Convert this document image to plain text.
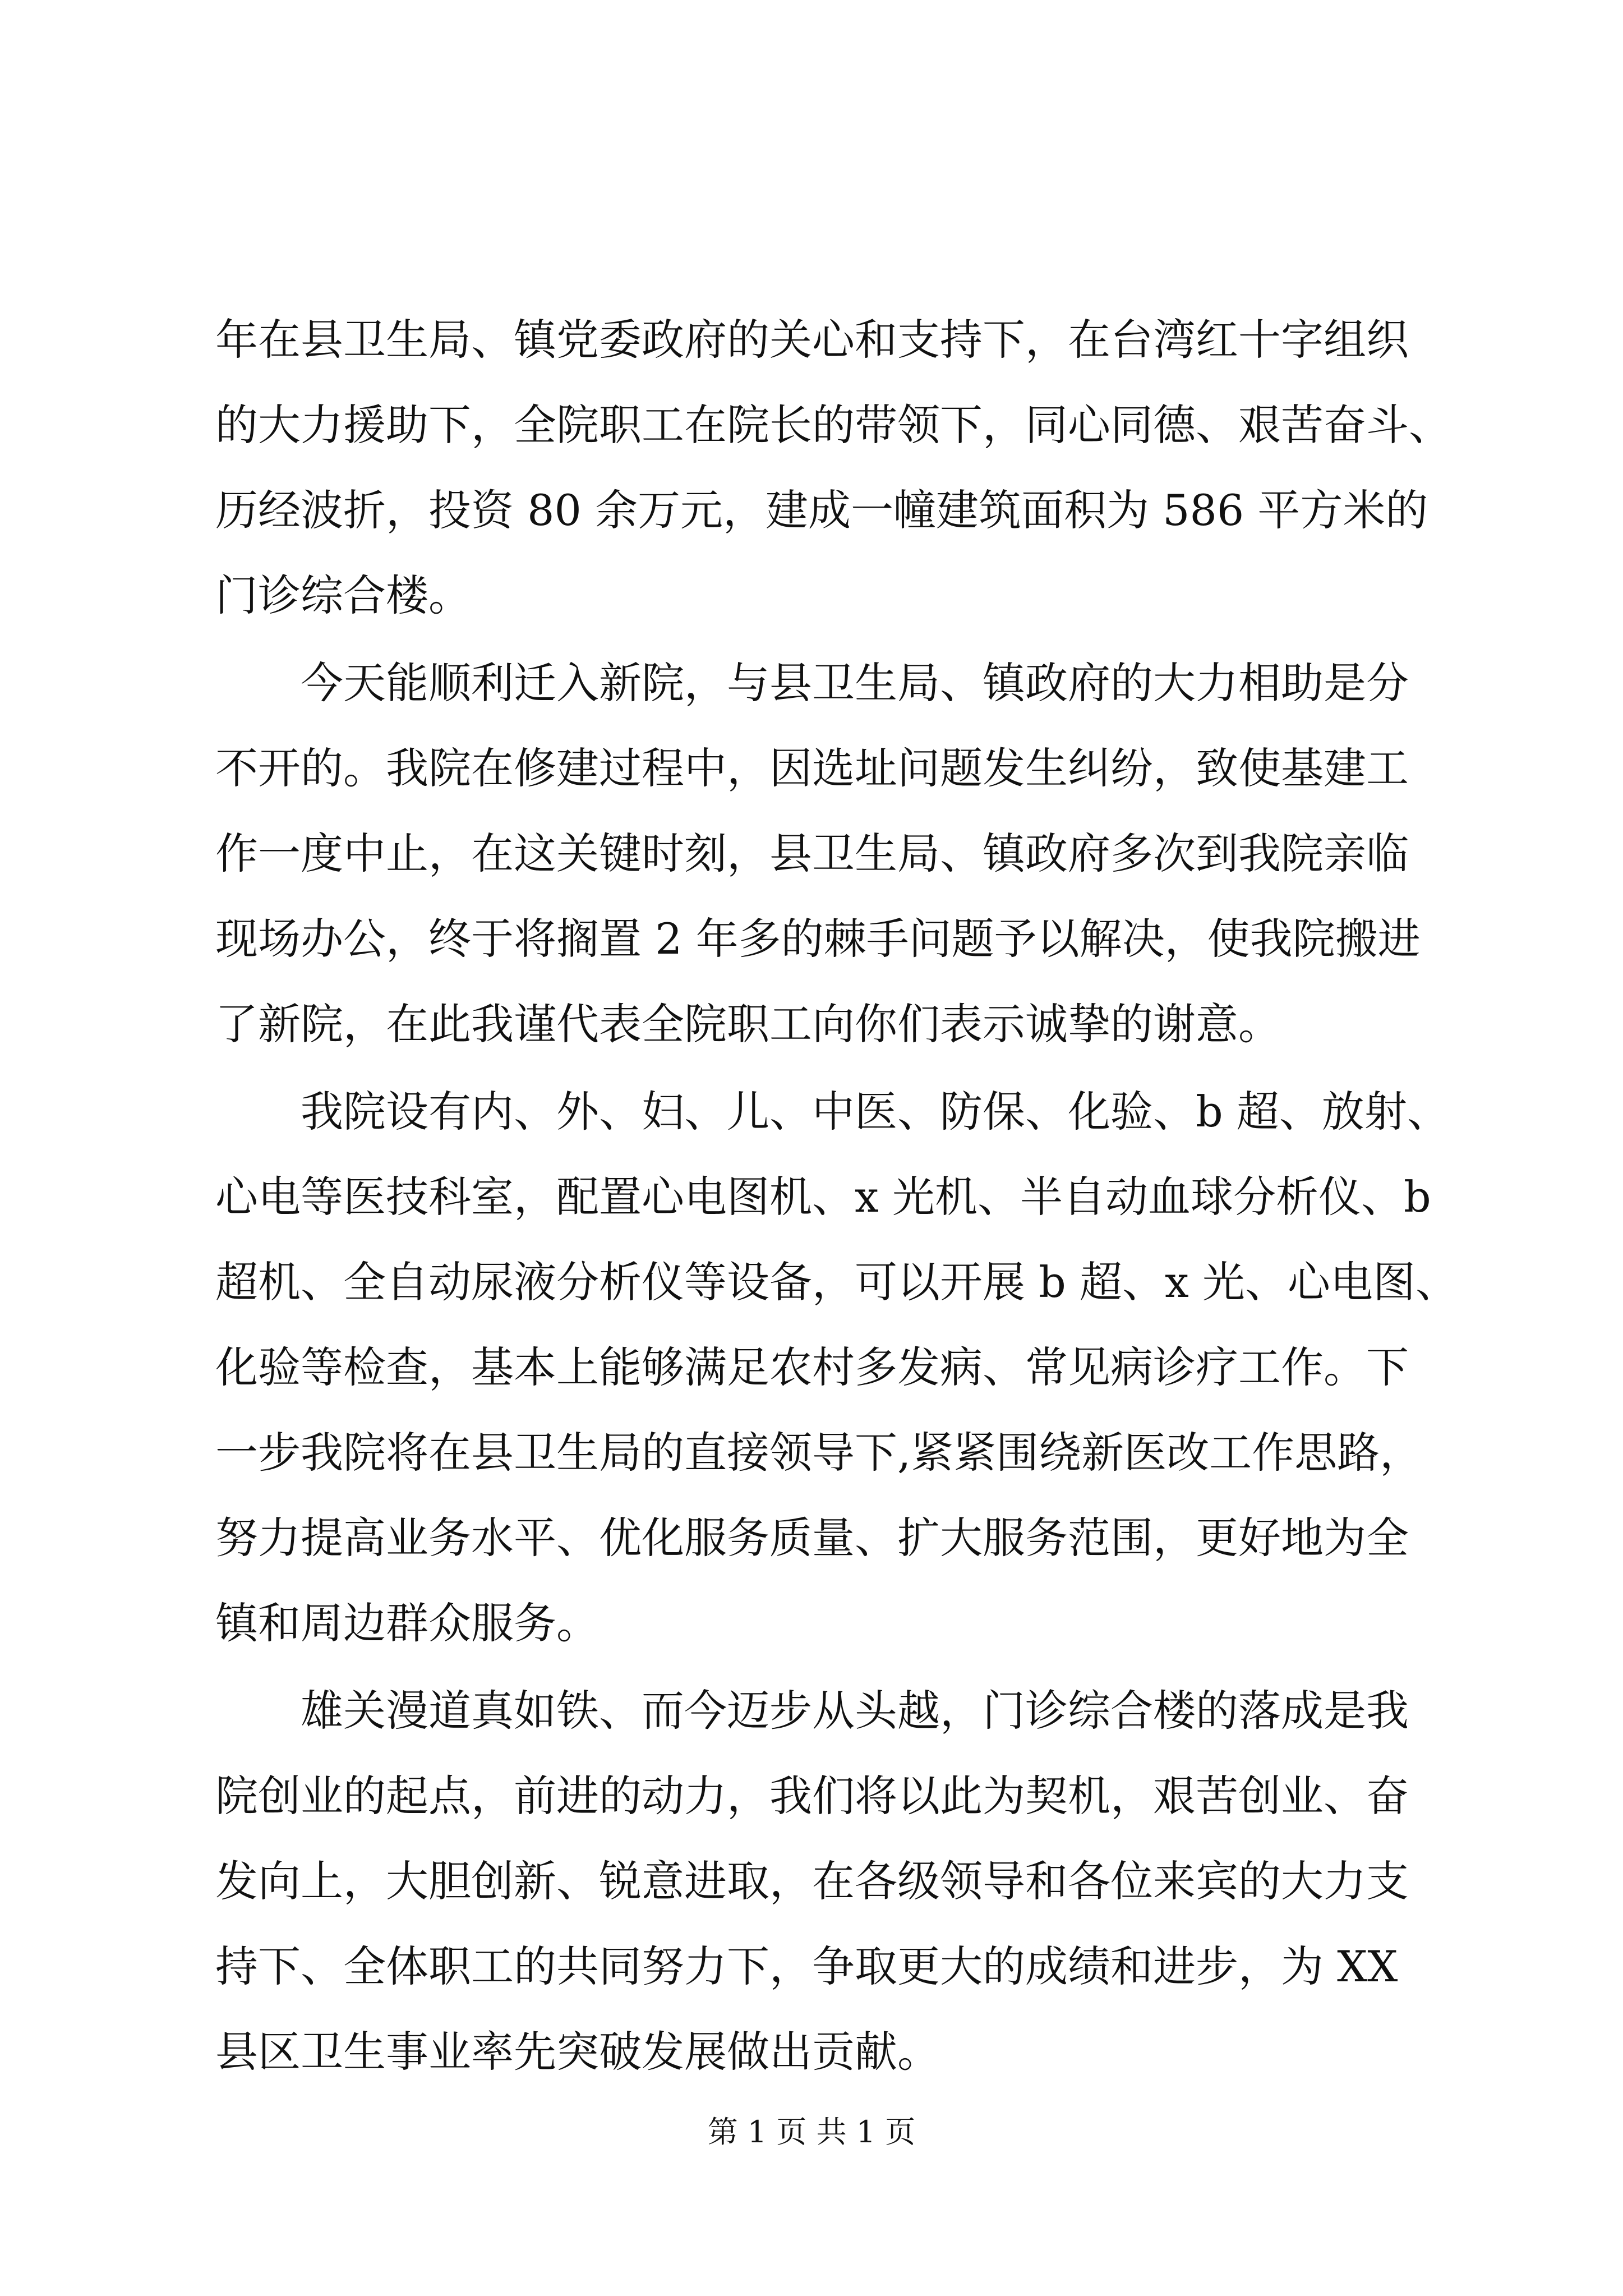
年在县卫生局、镇党委政府的关心和支持下，在台湾红十字组织
的大力援助下，全院职工在院长的带领下，同心同德、艰苦奋斗、
历经波折，投资 80 余万元，建成一幢建筑面积为 586 平方米的
门诊综合楼。
今天能顺利迁入新院，与县卫生局、镇政府的大力相助是分
不开的。我院在修建过程中，因选址问题发生纠纷，致使基建工
作一度中止，在这关键时刻，县卫生局、镇政府多次到我院亲临
现场办公，终于将搁置 2 年多的棘手问题予以解决，使我院搬进
了新院，在此我谨代表全院职工向你们表示诚挚的谢意。
我院设有内、外、妇、儿、中医、防保、化验、b 超、放射、
心电等医技科室，配置心电图机、x 光机、半自动血球分析仪、b
超机、全自动尿液分析仪等设备，可以开展 b 超、x 光、心电图、
化验等检查，基本上能够满足农村多发病、常见病诊疗工作。下
一步我院将在县卫生局的直接领导下,紧紧围绕新医改工作思路，
努力提高业务水平、优化服务质量、扩大服务范围，更好地为全
镇和周边群众服务。
雄关漫道真如铁、而今迈步从头越，门诊综合楼的落成是我
院创业的起点，前进的动力，我们将以此为契机，艰苦创业、奋
发向上，大胆创新、锐意进取，在各级领导和各位来宾的大力支
持下、全体职工的共同努力下，争取更大的成绩和进步，为 XX
县区卫生事业率先突破发展做出贡献。
第 1 页 共 1 页
